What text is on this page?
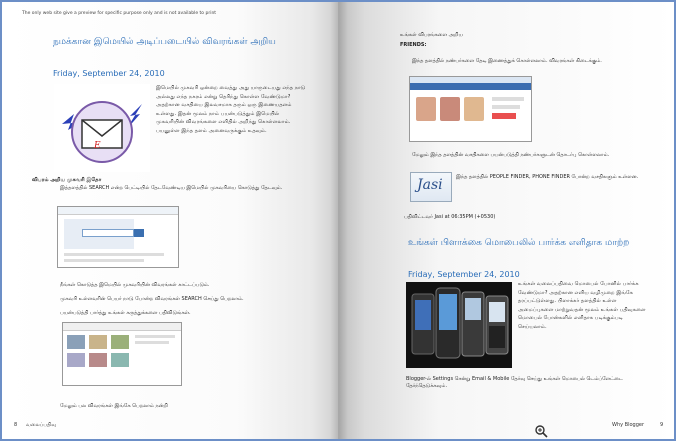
The only web site give a preview for specific purpose only and is not available to print
நமக்கான இமெயில் அடிப்படையில் விவரங்கள் அறிய
Friday, September 24, 2010
E
இமெயில் முகவரி ஒன்றை வைத்து அது யாருடையது எந்த நாடு அல்லது எந்த நகரம் என்று தெரிந்து கொள்ள வேண்டுமா? அதற்கான வசதியை இலவசமாக தரும் ஒரு இணையதளம் உள்ளது. இதன் மூலம் நாம் பயன்படுத்தும் இமெயில் முகவரியின் விவரங்களை எளிதில் அறிந்து கொள்ளலாம். பயனுள்ள இந்த தளம் அனைவருக்கும் உதவும்.
விபரம் அறிய முகவரி இதோ
இத்தளத்தில் SEARCH என்ற பெட்டியில் தேடவேண்டிய இமெயில் முகவரியை கொடுத்து தேடவும்.
நீங்கள் கொடுத்த இமெயில் முகவரியின் விவரங்கள் காட்டப்படும்.
முகவரி உள்ளவரின் பெயர் நாடு போன்ற விவரங்கள் SEARCH செய்து பெறலாம்.
பயன்படுத்தி பார்த்து உங்கள் கருத்துக்களை பதிவிடுங்கள்.
மேலும் பல விவரங்கள் இங்கே பெறலாம் நன்றி
8 வலைப்பதிவு
உங்கள் விபரங்களை அறிய
FRIENDS:
இந்த தளத்தில் நண்பர்களை தேடி இணைத்துக் கொள்ளலாம். விவரங்கள் கிடைக்கும்.
மேலும் இந்த தளத்தின் வசதிகளை பயன்படுத்தி நண்பர்களுடன் தொடர்பு கொள்ளலாம்.
Jasi	இந்த தளத்தில் PEOPLE FINDER, PHONE FINDER போன்ற வசதிகளும் உள்ளன.
பதிவிட்டவர் Jasi at 06:35PM (+0530)
உங்கள் பிளாக்கை மொபைலில் பார்க்க எளிதாக மாற்ற
Friday, September 24, 2010
உங்கள் வலைப்பதிவை மொபைல் போனில் பார்க்க வேண்டுமா? அதற்கான எளிய வழிமுறை இங்கே தரப்பட்டுள்ளது. பிளாக்கர் தளத்தில் உள்ள அமைப்புகளை மாற்றுவதன் மூலம் உங்கள் பதிவுகளை மொபைல் போன்களில் எளிதாக படிக்கும்படி செய்யலாம்.
Blogger-ல் Settings சென்று Email & Mobile தேர்வு செய்து உங்கள் மொபைல் டெம்ப்ளேட்டை தேர்ந்தெடுக்கவும்.
Why Blogger	9
